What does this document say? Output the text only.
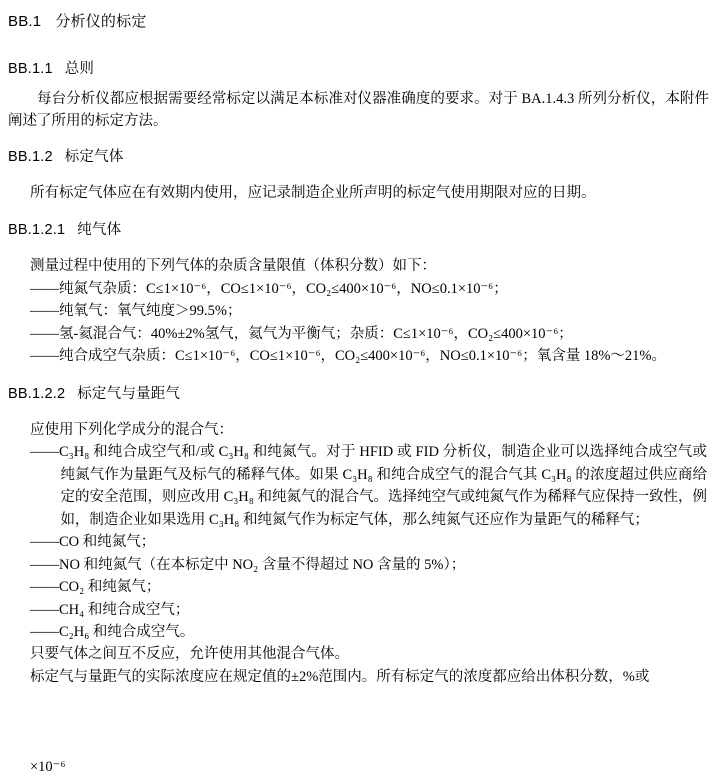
BB.1 分析仪的标定
BB.1.1 总则

每台分析仪都应根据需要经常标定以满足本标准对仪器准确度的要求。对于 BA.1.4.3 所列分析仪，本附件阐述了所用的标定方法。

BB.1.2 标定气体

所有标定气体应在有效期内使用，应记录制造企业所声明的标定气使用期限对应的日期。

BB.1.2.1 纯气体

测量过程中使用的下列气体的杂质含量限值（体积分数）如下：

——纯氮气杂质：C≤1×10⁻⁶，CO≤1×10⁻⁶，CO₂≤400×10⁻⁶，NO≤0.1×10⁻⁶；
——纯氧气：氧气纯度＞99.5%；
——氢-氦混合气：40%±2%氢气，氦气为平衡气；杂质：C≤1×10⁻⁶，CO₂≤400×10⁻⁶；
——纯合成空气杂质：C≤1×10⁻⁶，CO≤1×10⁻⁶，CO₂≤400×10⁻⁶，NO≤0.1×10⁻⁶；氧含量 18%～21%。
BB.1.2.2 标定气与量距气

应使用下列化学成分的混合气：

——C₃H₈ 和纯合成空气和/或 C₃H₈ 和纯氮气。对于 HFID 或 FID 分析仪，制造企业可以选择纯合成空气或纯氮气作为量距气及标气的稀释气体。如果 C₃H₈ 和纯合成空气的混合气其 C₃H₈ 的浓度超过供应商给定的安全范围，则应改用 C₃H₈ 和纯氮气的混合气。选择纯空气或纯氮气作为稀释气应保持一致性，例如，制造企业如果选用 C₃H₈ 和纯氮气作为标定气体，那么纯氮气还应作为量距气的稀释气；
——CO 和纯氮气；
——NO 和纯氮气（在本标定中 NO₂ 含量不得超过 NO 含量的 5%）；
——CO₂ 和纯氮气；
——CH₄ 和纯合成空气；
——C₂H₆ 和纯合成空气。
只要气体之间互不反应，允许使用其他混合气体。
标定气与量距气的实际浓度应在规定值的±2%范围内。所有标定气的浓度都应给出体积分数，%或
×10⁻⁶
